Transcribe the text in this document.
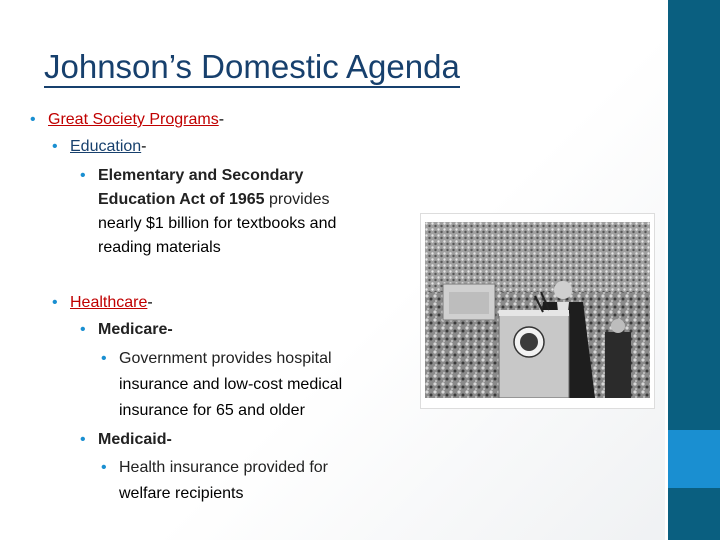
Johnson’s Domestic Agenda
• Great Society Programs-
• Education-
• Elementary and Secondary
Education Act of 1965 provides
nearly $1 billion for textbooks and
reading materials
• Healthcare-
• Medicare-
• Government provides hospital
insurance and low-cost medical
insurance for 65 and older
• Medicaid-
• Health insurance provided for
welfare recipients
